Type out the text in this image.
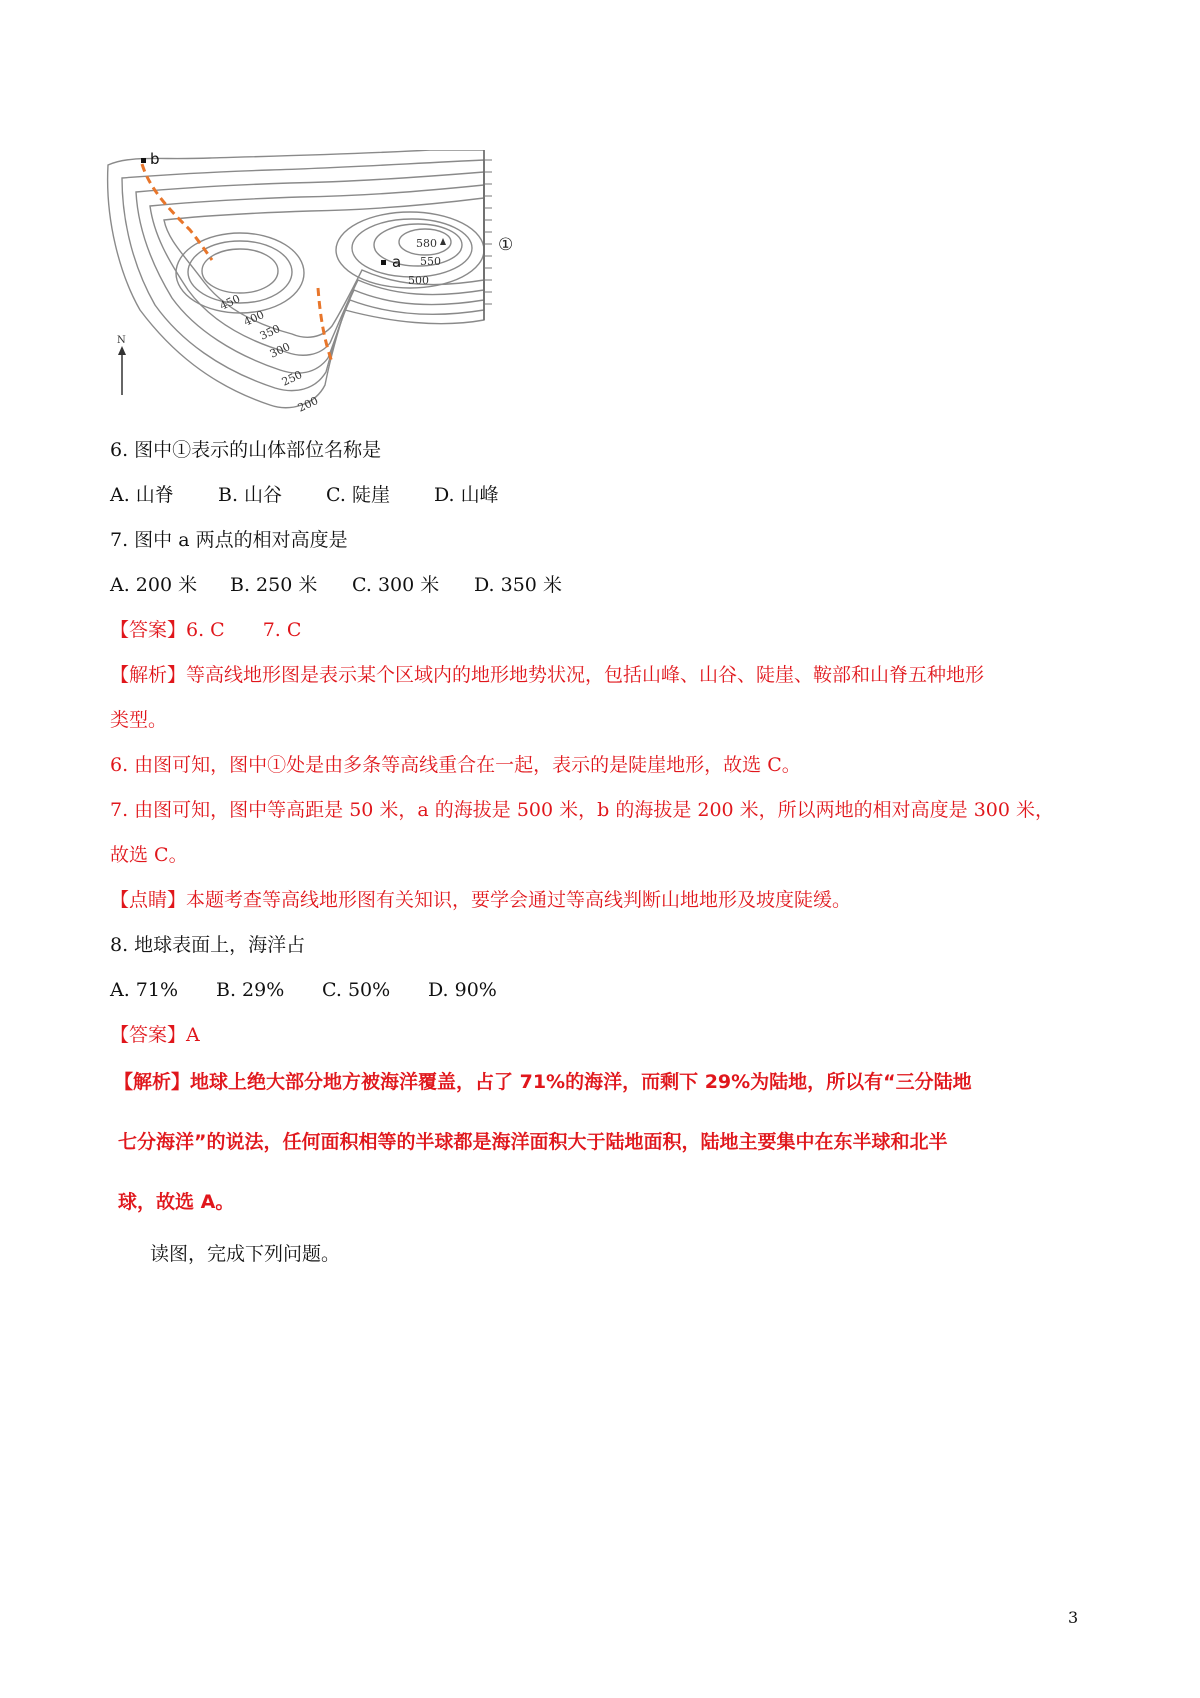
b
a
①
580
550
500
450
400
350
300
250
200
N
6. 图中①表示的山体部位名称是
A. 山脊 B. 山谷 C. 陡崖 D. 山峰
7. 图中 a 两点的相对高度是
A. 200 米 B. 250 米 C. 300 米 D. 350 米
【答案】6. C　　7. C
【解析】等高线地形图是表示某个区域内的地形地势状况，包括山峰、山谷、陡崖、鞍部和山脊五种地形
类型。
6. 由图可知，图中①处是由多条等高线重合在一起，表示的是陡崖地形，故选 C。
7. 由图可知，图中等高距是 50 米，a 的海拔是 500 米，b 的海拔是 200 米，所以两地的相对高度是 300 米，
故选 C。
【点睛】本题考查等高线地形图有关知识，要学会通过等高线判断山地地形及坡度陡缓。
8. 地球表面上，海洋占
A. 71% B. 29% C. 50% D. 90%
【答案】A
【解析】地球上绝大部分地方被海洋覆盖，占了 71%的海洋，而剩下 29%为陆地，所以有“三分陆地
七分海洋”的说法，任何面积相等的半球都是海洋面积大于陆地面积，陆地主要集中在东半球和北半
球，故选 A。
读图，完成下列问题。
3
